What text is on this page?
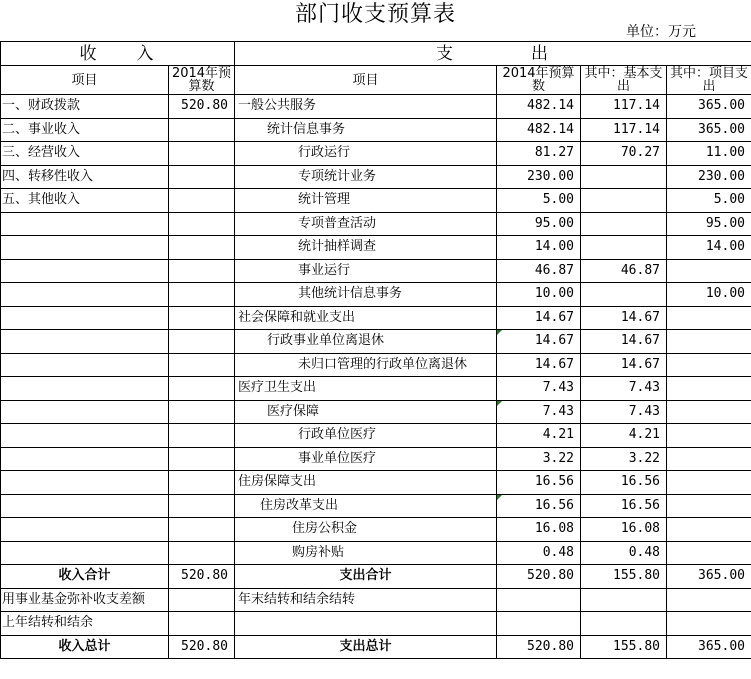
部门收支预算表
单位：万元
收　　入		支　　　　出			
项目	2014年预算数	项目	2014年预算数	其中：基本支出	其中：项目支出
一、财政拨款	520.80	一般公共服务	482.14	117.14	365.00
二、事业收入		统计信息事务	482.14	117.14	365.00
三、经营收入		行政运行	81.27	70.27	11.00
四、转移性收入		专项统计业务	230.00		230.00
五、其他收入		统计管理	5.00		5.00
		专项普查活动	95.00		95.00
		统计抽样调查	14.00		14.00
		事业运行	46.87	46.87	
		其他统计信息事务	10.00		10.00
		社会保障和就业支出	14.67	14.67	
		行政事业单位离退休	14.67	14.67	
		未归口管理的行政单位离退休	14.67	14.67	
		医疗卫生支出	7.43	7.43	
		医疗保障	7.43	7.43	
		行政单位医疗	4.21	4.21	
		事业单位医疗	3.22	3.22	
		住房保障支出	16.56	16.56	
		住房改革支出	16.56	16.56	
		住房公积金	16.08	16.08	
		购房补贴	0.48	0.48	
收入合计	520.80	支出合计	520.80	155.80	365.00
用事业基金弥补收支差额		年末结转和结余结转			
上年结转和结余					
收入总计	520.80	支出总计	520.80	155.80	365.00
